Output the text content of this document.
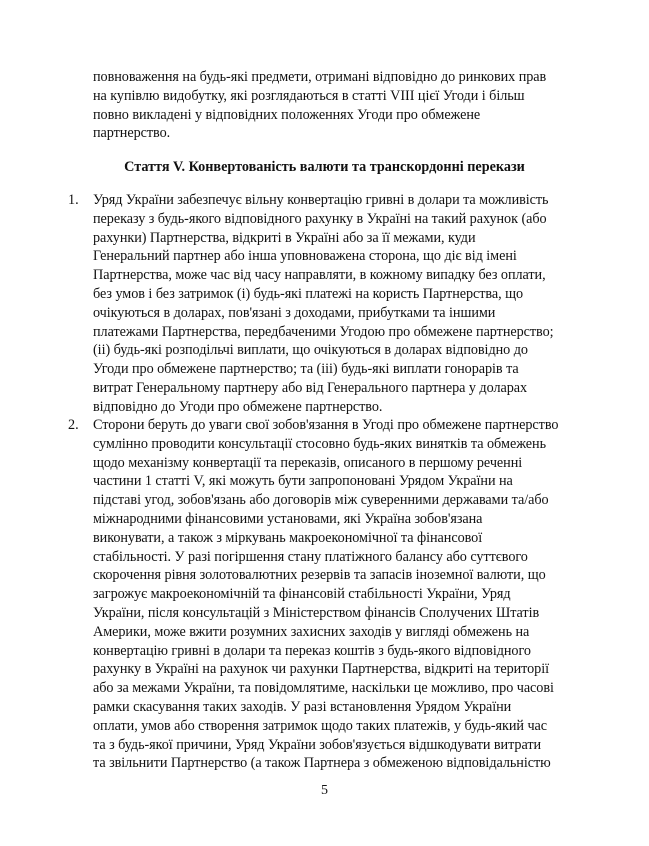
повноваження на будь-які предмети, отримані відповідно до ринкових прав
на купівлю видобутку, які розглядаються в статті VIII цієї Угоди і більш
повно викладені у відповідних положеннях Угоди про обмежене
партнерство.
Стаття V. Конвертованість валюти та транскордонні перекази
1. Уряд України забезпечує вільну конвертацію гривні в долари та можливість
переказу з будь-якого відповідного рахунку в Україні на такий рахунок (або
рахунки) Партнерства, відкриті в Україні або за її межами, куди
Генеральний партнер або інша уповноважена сторона, що діє від імені
Партнерства, може час від часу направляти, в кожному випадку без оплати,
без умов і без затримок (і) будь-які платежі на користь Партнерства, що
очікуються в доларах, пов'язані з доходами, прибутками та іншими
платежами Партнерства, передбаченими Угодою про обмежене партнерство;
(іі) будь-які розподільчі виплати, що очікуються в доларах відповідно до
Угоди про обмежене партнерство; та (ііі) будь-які виплати гонорарів та
витрат Генеральному партнеру або від Генерального партнера у доларах
відповідно до Угоди про обмежене партнерство.
2. Сторони беруть до уваги свої зобов'язання в Угоді про обмежене партнерство
сумлінно проводити консультації стосовно будь-яких винятків та обмежень
щодо механізму конвертації та переказів, описаного в першому реченні
частини 1 статті V, які можуть бути запропоновані Урядом України на
підставі угод, зобов'язань або договорів між суверенними державами та/або
міжнародними фінансовими установами, які Україна зобов'язана
виконувати, а також з міркувань макроекономічної та фінансової
стабільності. У разі погіршення стану платіжного балансу або суттєвого
скорочення рівня золотовалютних резервів та запасів іноземної валюти, що
загрожує макроекономічній та фінансовій стабільності України, Уряд
України, після консультацій з Міністерством фінансів Сполучених Штатів
Америки, може вжити розумних захисних заходів у вигляді обмежень на
конвертацію гривні в долари та переказ коштів з будь-якого відповідного
рахунку в Україні на рахунок чи рахунки Партнерства, відкриті на території
або за межами України, та повідомлятиме, наскільки це можливо, про часові
рамки скасування таких заходів. У разі встановлення Урядом України
оплати, умов або створення затримок щодо таких платежів, у будь-який час
та з будь-якої причини, Уряд України зобов'язується відшкодувати витрати
та звільнити Партнерство (а також Партнера з обмеженою відповідальністю
5
